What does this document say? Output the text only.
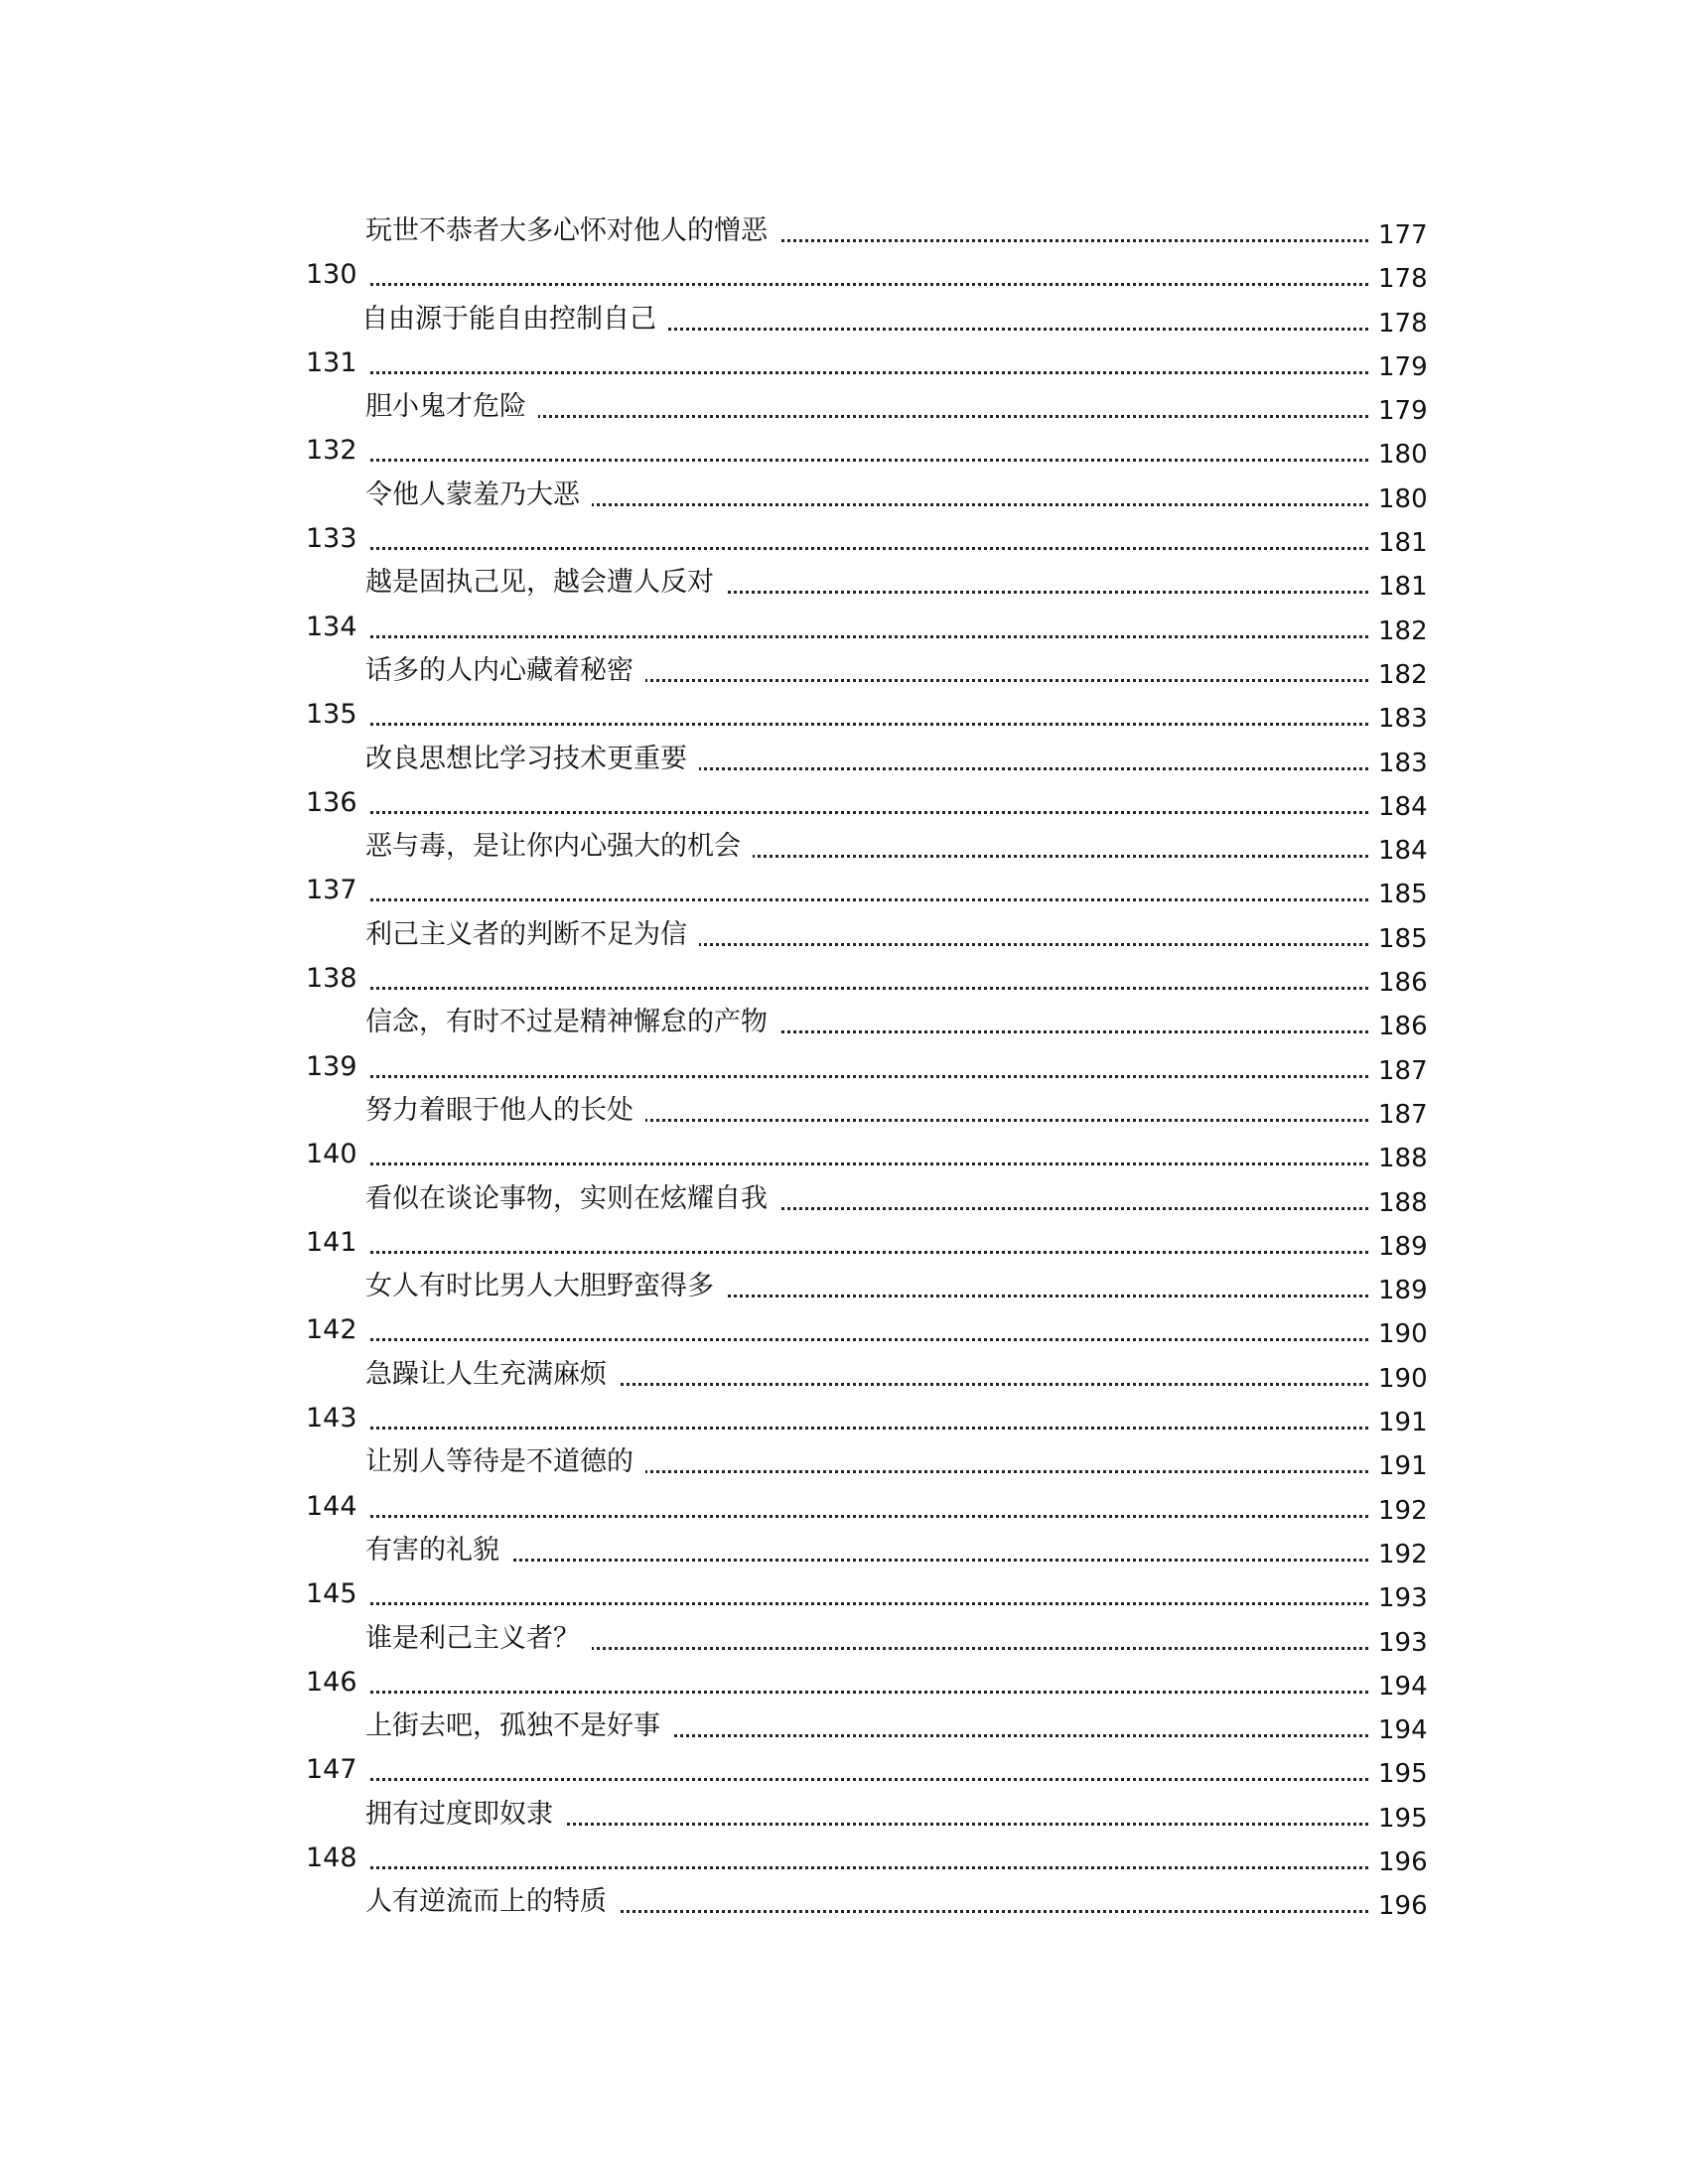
玩世不恭者大多心怀对他人的憎恶	177
130	178
自由源于能自由控制自己	178
131	179
胆小鬼才危险	179
132	180
令他人蒙羞乃大恶	180
133	181
越是固执己见，越会遭人反对	181
134	182
话多的人内心藏着秘密	182
135	183
改良思想比学习技术更重要	183
136	184
恶与毒，是让你内心强大的机会	184
137	185
利己主义者的判断不足为信	185
138	186
信念，有时不过是精神懈怠的产物	186
139	187
努力着眼于他人的长处	187
140	188
看似在谈论事物，实则在炫耀自我	188
141	189
女人有时比男人大胆野蛮得多	189
142	190
急躁让人生充满麻烦	190
143	191
让别人等待是不道德的	191
144	192
有害的礼貌	192
145	193
谁是利己主义者？	193
146	194
上街去吧，孤独不是好事	194
147	195
拥有过度即奴隶	195
148	196
人有逆流而上的特质	196
